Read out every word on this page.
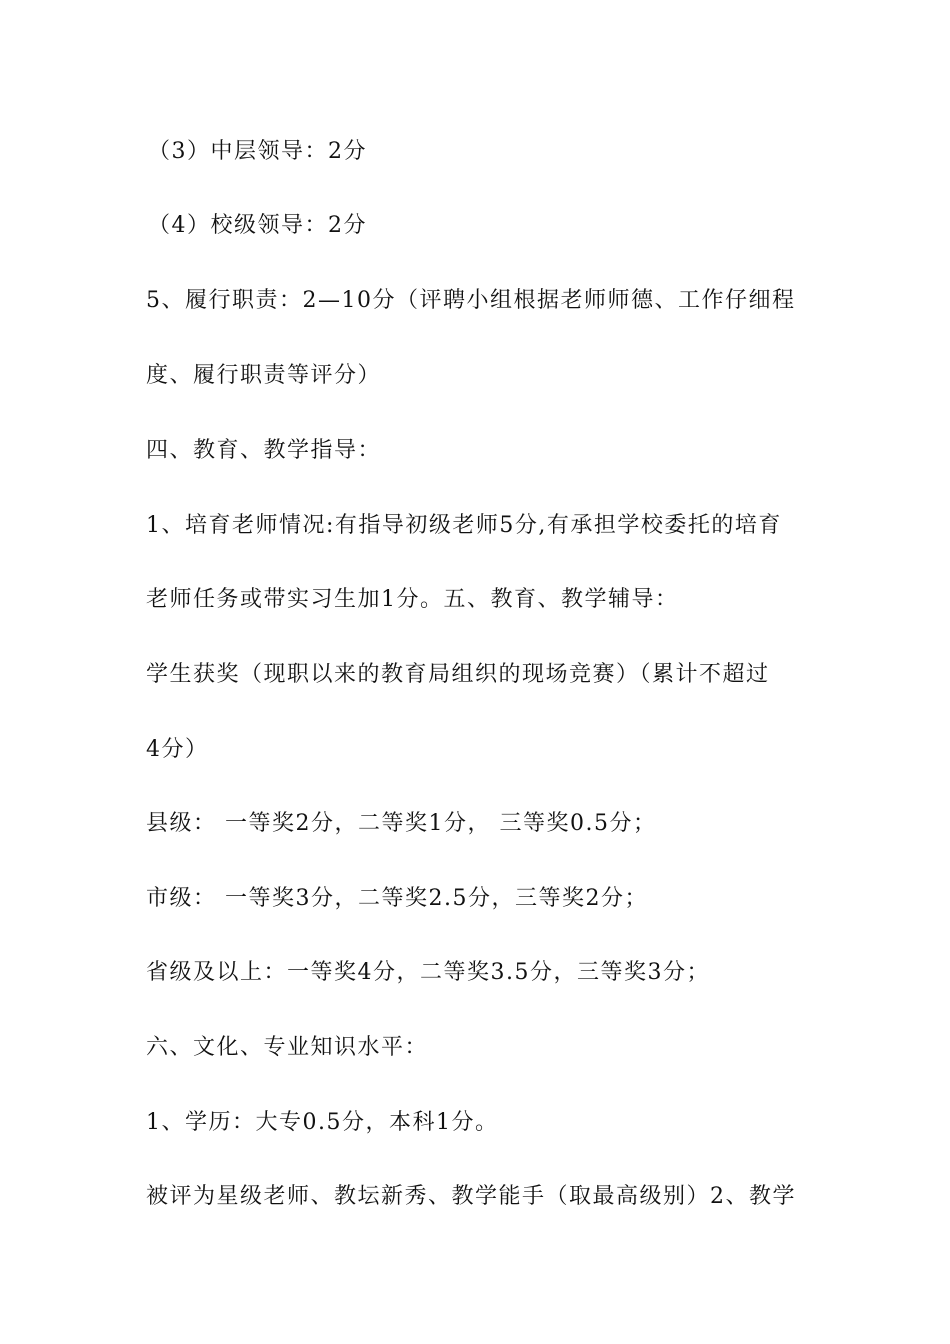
（3）中层领导：2分
（4）校级领导：2分
5、履行职责：2—10分（评聘小组根据老师师德、工作仔细程
度、履行职责等评分）
四、教育、教学指导：
1、培育老师情况:有指导初级老师5分,有承担学校委托的培育
老师任务或带实习生加1分。五、教育、教学辅导：
学生获奖（现职以来的教育局组织的现场竞赛）（累计不超过
4分）
县级： 一等奖2分，二等奖1分， 三等奖0.5分；
市级： 一等奖3分，二等奖2.5分，三等奖2分；
省级及以上：一等奖4分，二等奖3.5分，三等奖3分；
六、文化、专业知识水平：
1、学历：大专0.5分，本科1分。
被评为星级老师、教坛新秀、教学能手（取最高级别）2、教学
